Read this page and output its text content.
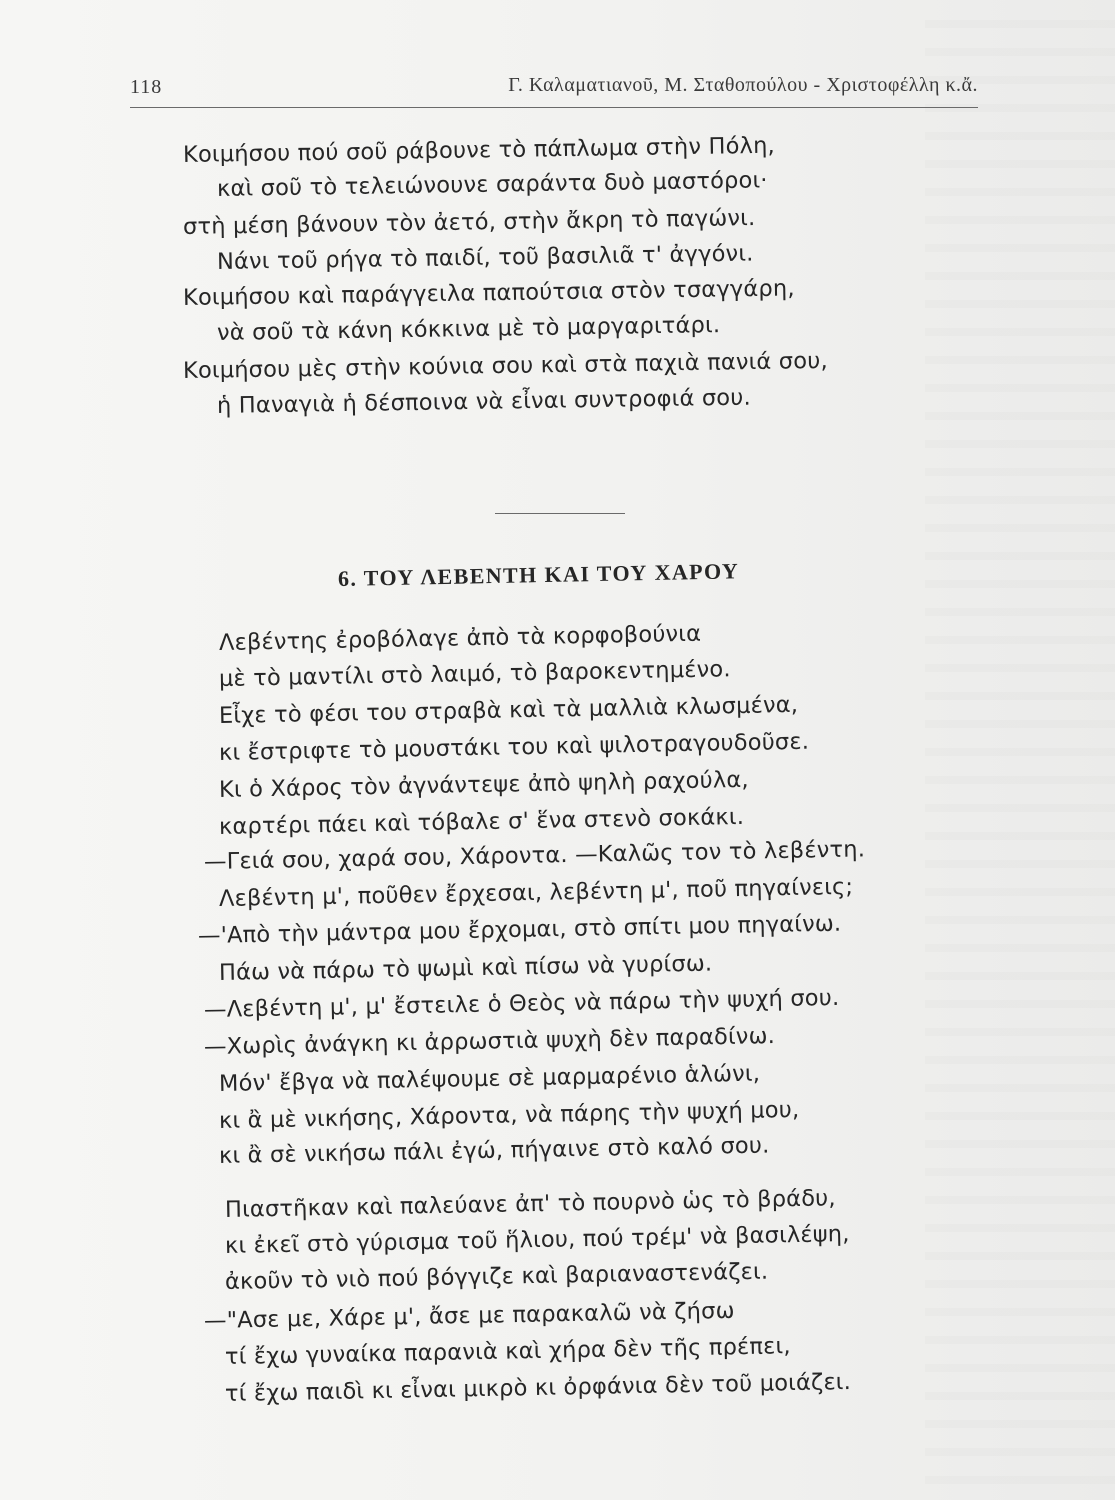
118	Γ. Καλαματιανοῦ, Μ. Σταθοπούλου - Χριστοφέλλη κ.ἄ.
Κοιμήσου πού σοῦ ράβουνε τὸ πάπλωμα στὴν Πόλη,
καὶ σοῦ τὸ τελειώνουνε σαράντα δυὸ μαστόροι·
στὴ μέση βάνουν τὸν ἀετό, στὴν ἄκρη τὸ παγώνι.
Νάνι τοῦ ρήγα τὸ παιδί, τοῦ βασιλιᾶ τ' ἀγγόνι.
Κοιμήσου καὶ παράγγειλα παπούτσια στὸν τσαγγάρη,
νὰ σοῦ τὰ κάνη κόκκινα μὲ τὸ μαργαριτάρι.
Κοιμήσου μὲς στὴν κούνια σου καὶ στὰ παχιὰ πανιά σου,
ἡ Παναγιὰ ἡ δέσποινα νὰ εἶναι συντροφιά σου.
6. ΤΟΥ ΛΕΒΕΝΤΗ ΚΑΙ ΤΟΥ ΧΑΡΟΥ
Λεβέντης ἐροβόλαγε ἀπὸ τὰ κορφοβούνια
μὲ τὸ μαντίλι στὸ λαιμό, τὸ βαροκεντημένο.
Εἶχε τὸ φέσι του στραβὰ καὶ τὰ μαλλιὰ κλωσμένα,
κι ἔστριφτε τὸ μουστάκι του καὶ ψιλοτραγουδοῦσε.
Κι ὁ Χάρος τὸν ἀγνάντεψε ἀπὸ ψηλὴ ραχούλα,
καρτέρι πάει καὶ τόβαλε σ' ἕνα στενὸ σοκάκι.
—Γειά σου, χαρά σου, Χάροντα. —Καλῶς τον τὸ λεβέντη.
Λεβέντη μ', ποῦθεν ἔρχεσαι, λεβέντη μ', ποῦ πηγαίνεις;
—'Απὸ τὴν μάντρα μου ἔρχομαι, στὸ σπίτι μου πηγαίνω.
Πάω νὰ πάρω τὸ ψωμὶ καὶ πίσω νὰ γυρίσω.
—Λεβέντη μ', μ' ἔστειλε ὁ Θεὸς νὰ πάρω τὴν ψυχή σου.
—Χωρὶς ἀνάγκη κι ἀρρωστιὰ ψυχὴ δὲν παραδίνω.
Μόν' ἔβγα νὰ παλέψουμε σὲ μαρμαρένιο ἁλώνι,
κι ἂ μὲ νικήσης, Χάροντα, νὰ πάρης τὴν ψυχή μου,
κι ἂ σὲ νικήσω πάλι ἐγώ, πήγαινε στὸ καλό σου.
Πιαστῆκαν καὶ παλεύανε ἀπ' τὸ πουρνὸ ὡς τὸ βράδυ,
κι ἐκεῖ στὸ γύρισμα τοῦ ἥλιου, πού τρέμ' νὰ βασιλέψη,
ἀκοῦν τὸ νιὸ πού βόγγιζε καὶ βαριαναστενάζει.
—"Ασε με, Χάρε μ', ἄσε με παρακαλῶ νὰ ζήσω
τί ἔχω γυναίκα παρανιὰ καὶ χήρα δὲν τῆς πρέπει,
τί ἔχω παιδὶ κι εἶναι μικρὸ κι ὀρφάνια δὲν τοῦ μοιάζει.
